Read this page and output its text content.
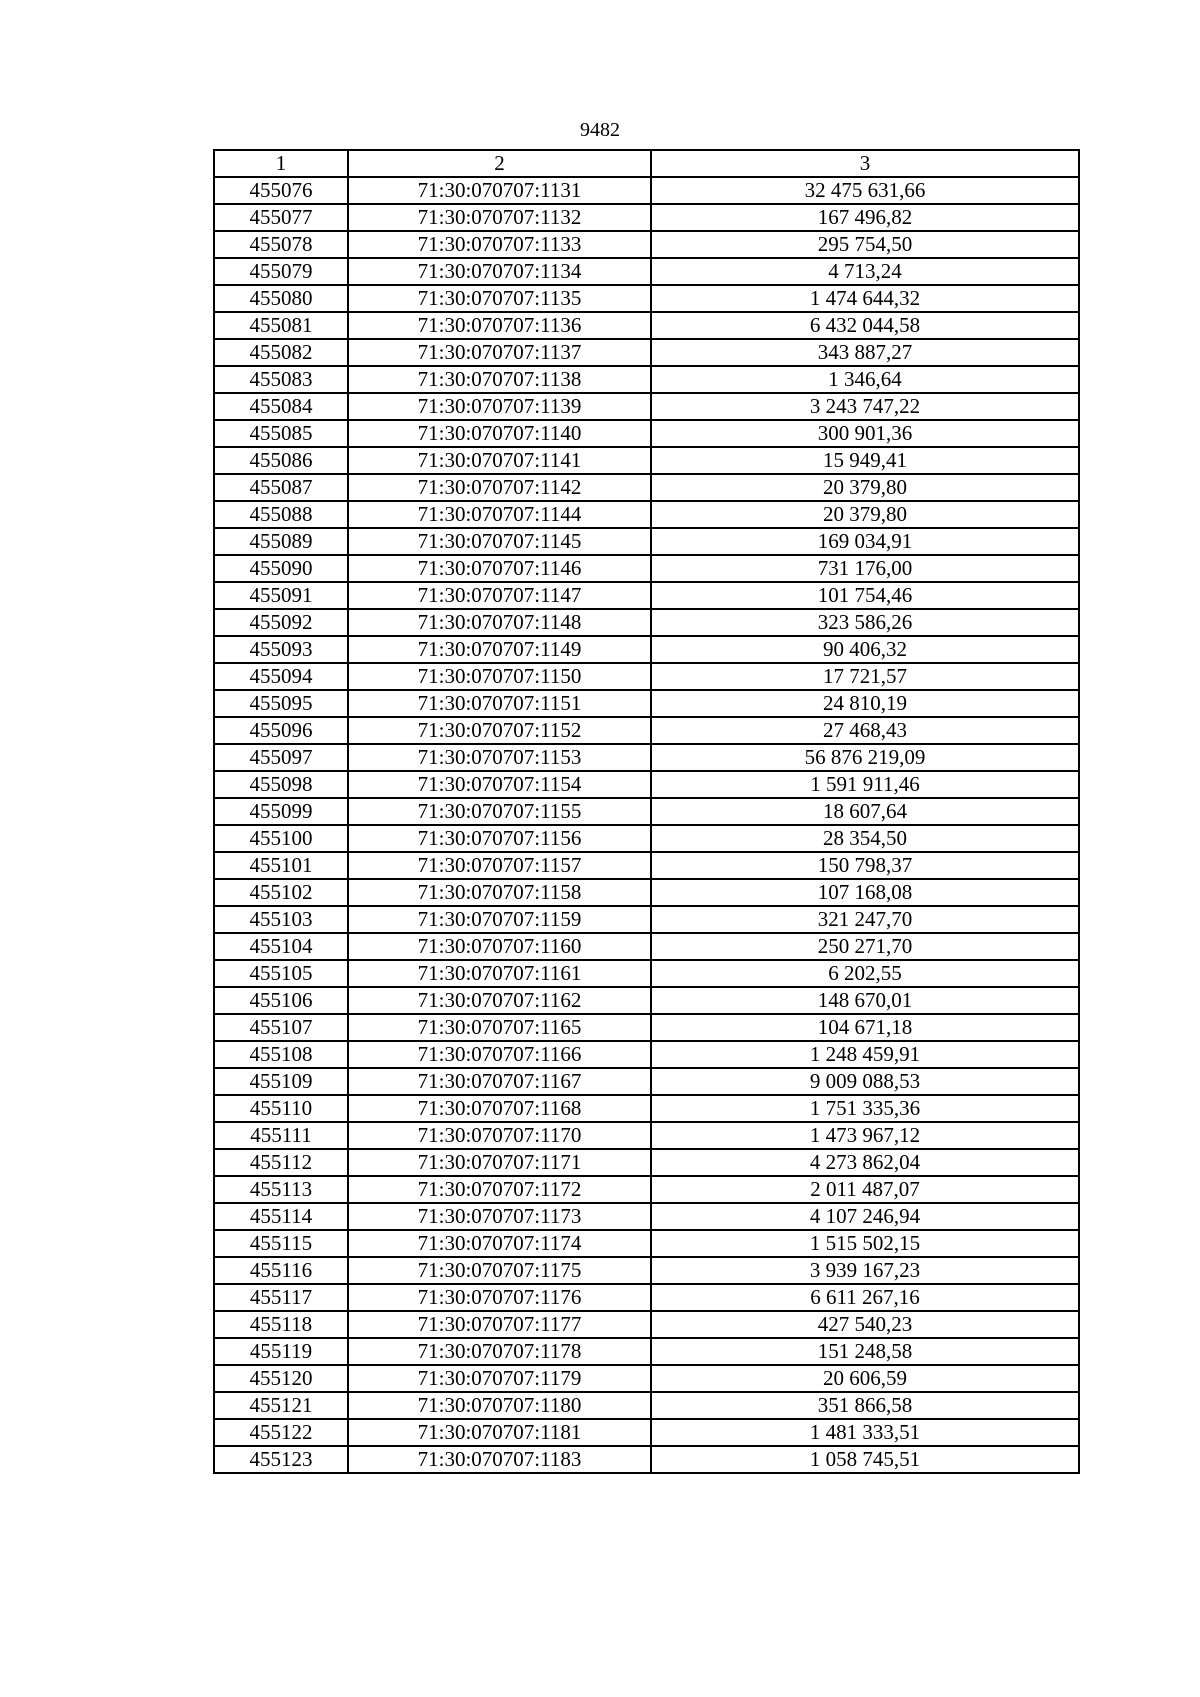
9482
1	2	3
455076	71:30:070707:1131	32 475 631,66
455077	71:30:070707:1132	167 496,82
455078	71:30:070707:1133	295 754,50
455079	71:30:070707:1134	4 713,24
455080	71:30:070707:1135	1 474 644,32
455081	71:30:070707:1136	6 432 044,58
455082	71:30:070707:1137	343 887,27
455083	71:30:070707:1138	1 346,64
455084	71:30:070707:1139	3 243 747,22
455085	71:30:070707:1140	300 901,36
455086	71:30:070707:1141	15 949,41
455087	71:30:070707:1142	20 379,80
455088	71:30:070707:1144	20 379,80
455089	71:30:070707:1145	169 034,91
455090	71:30:070707:1146	731 176,00
455091	71:30:070707:1147	101 754,46
455092	71:30:070707:1148	323 586,26
455093	71:30:070707:1149	90 406,32
455094	71:30:070707:1150	17 721,57
455095	71:30:070707:1151	24 810,19
455096	71:30:070707:1152	27 468,43
455097	71:30:070707:1153	56 876 219,09
455098	71:30:070707:1154	1 591 911,46
455099	71:30:070707:1155	18 607,64
455100	71:30:070707:1156	28 354,50
455101	71:30:070707:1157	150 798,37
455102	71:30:070707:1158	107 168,08
455103	71:30:070707:1159	321 247,70
455104	71:30:070707:1160	250 271,70
455105	71:30:070707:1161	6 202,55
455106	71:30:070707:1162	148 670,01
455107	71:30:070707:1165	104 671,18
455108	71:30:070707:1166	1 248 459,91
455109	71:30:070707:1167	9 009 088,53
455110	71:30:070707:1168	1 751 335,36
455111	71:30:070707:1170	1 473 967,12
455112	71:30:070707:1171	4 273 862,04
455113	71:30:070707:1172	2 011 487,07
455114	71:30:070707:1173	4 107 246,94
455115	71:30:070707:1174	1 515 502,15
455116	71:30:070707:1175	3 939 167,23
455117	71:30:070707:1176	6 611 267,16
455118	71:30:070707:1177	427 540,23
455119	71:30:070707:1178	151 248,58
455120	71:30:070707:1179	20 606,59
455121	71:30:070707:1180	351 866,58
455122	71:30:070707:1181	1 481 333,51
455123	71:30:070707:1183	1 058 745,51
